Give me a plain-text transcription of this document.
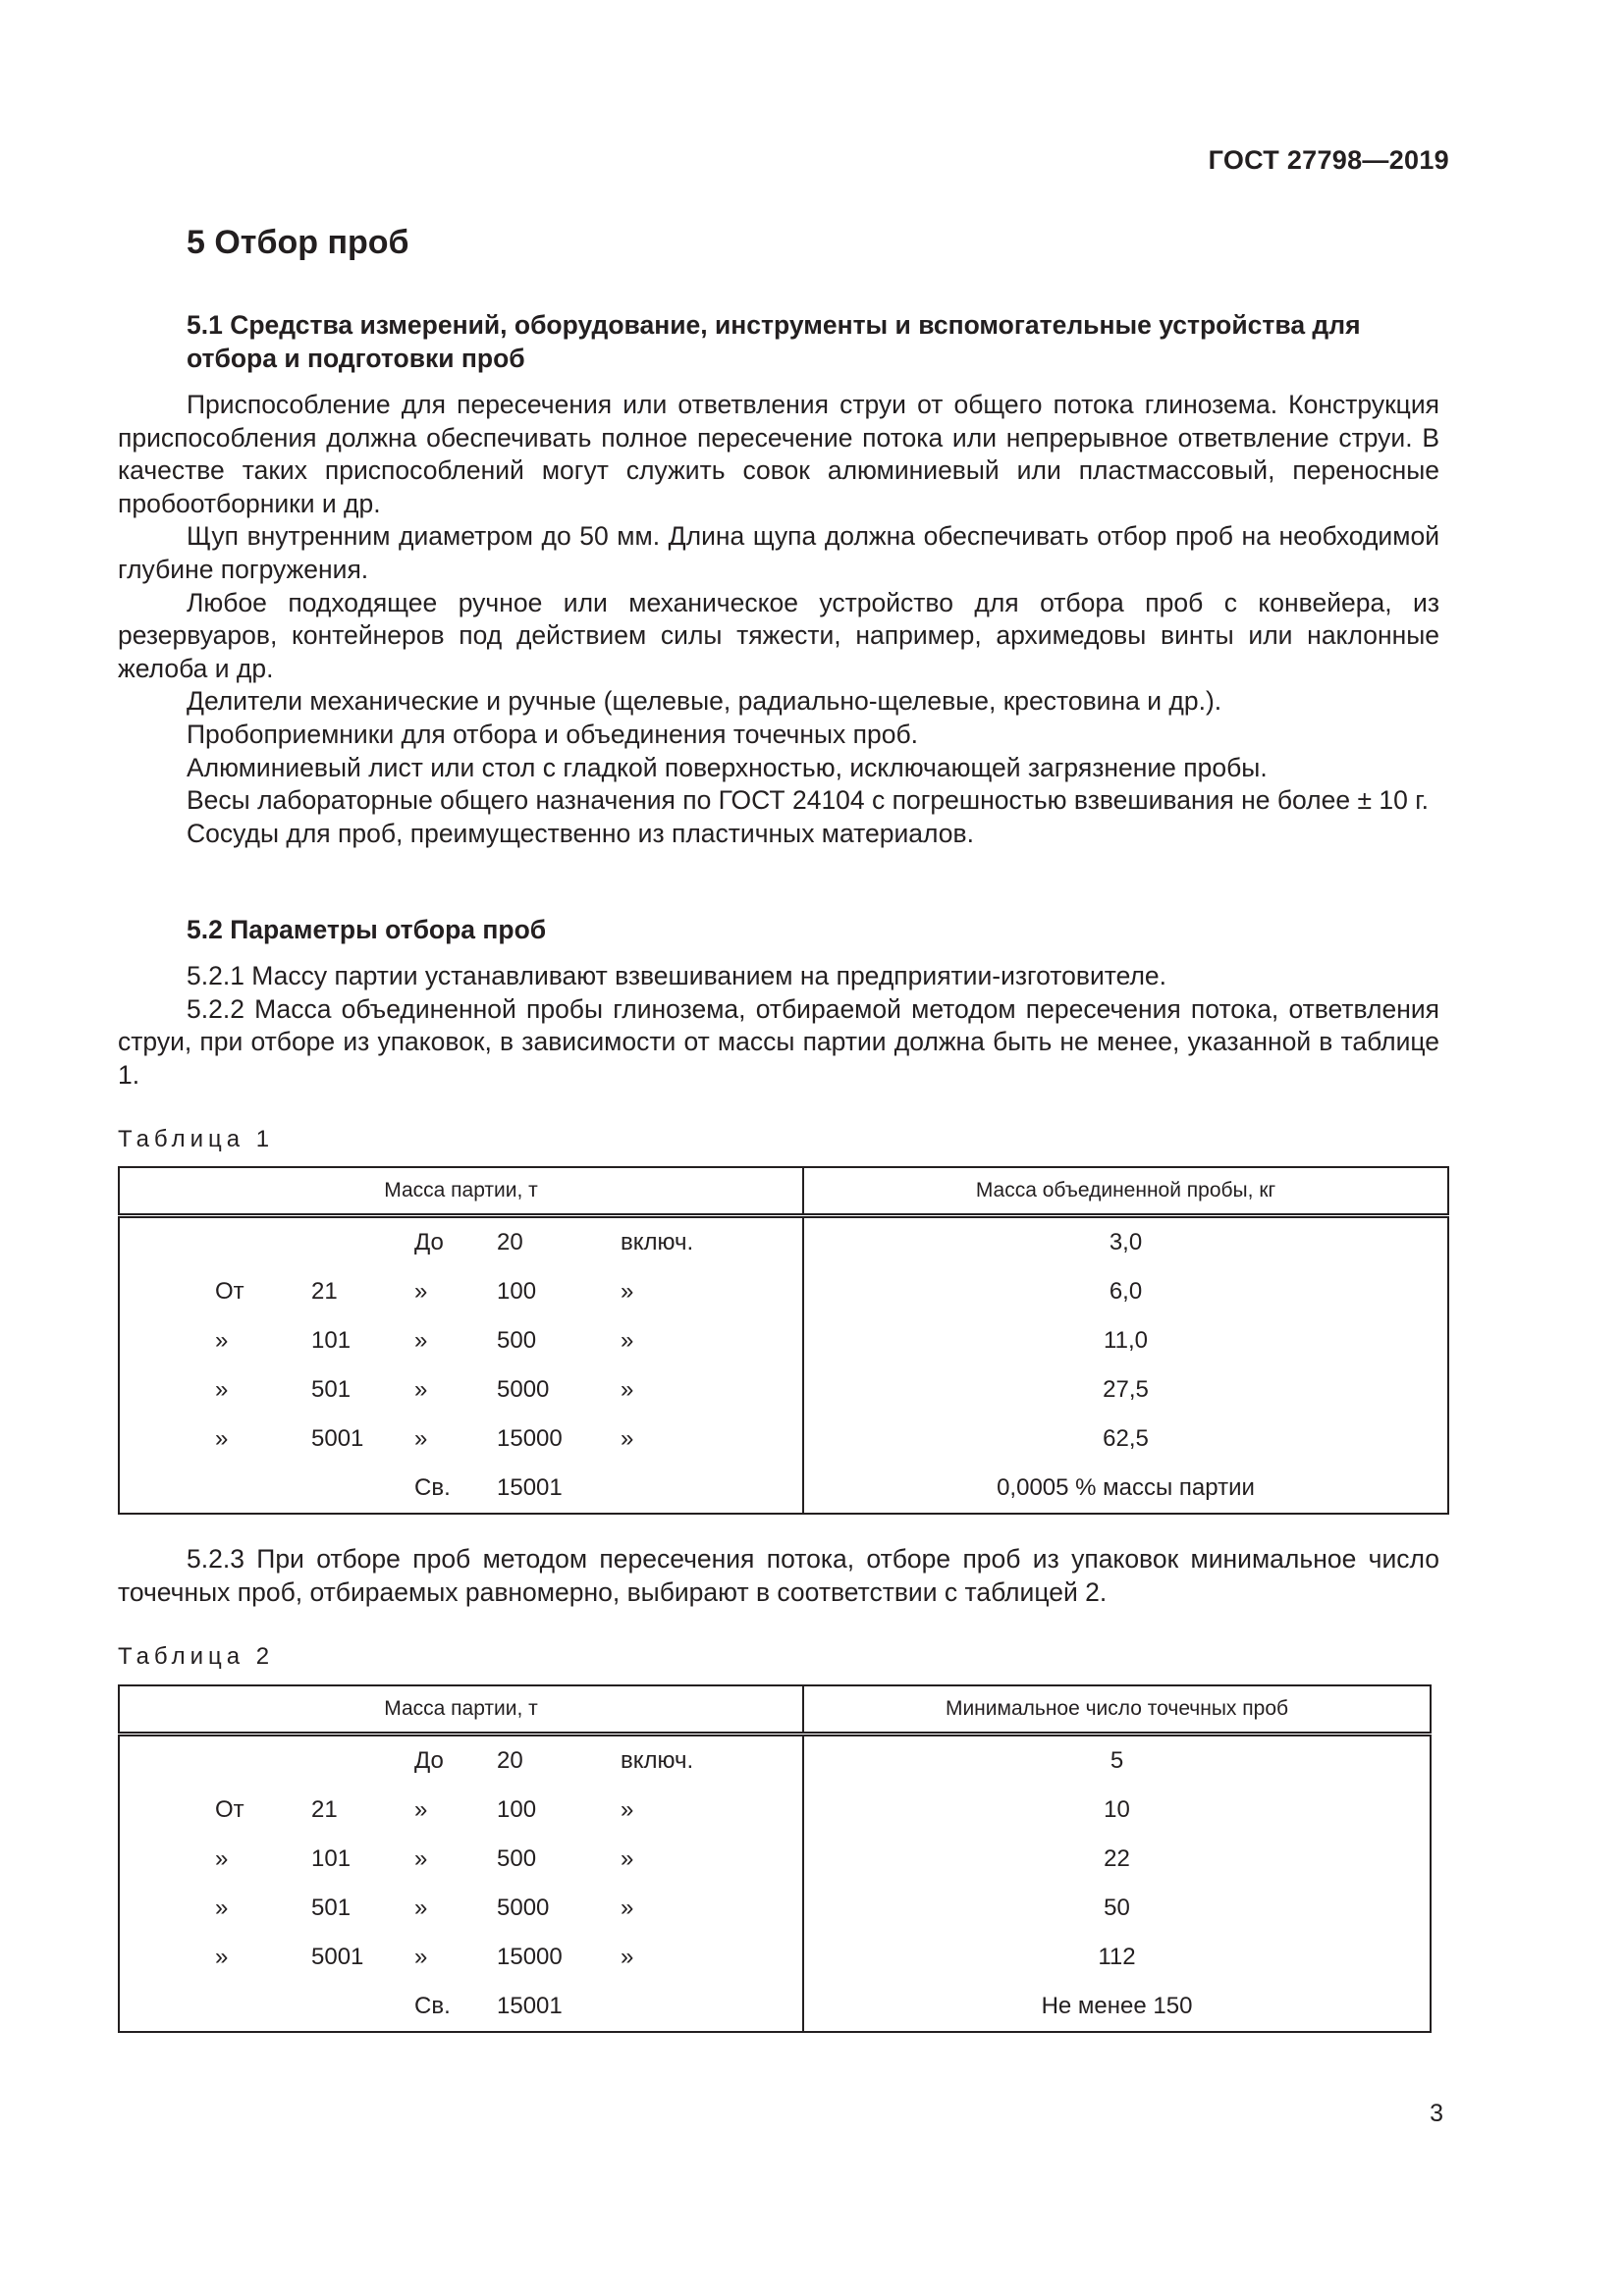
ГОСТ 27798—2019
5 Отбор проб
5.1 Средства измерений, оборудование, инструменты и вспомогательные устройства для отбора и подготовки проб

Приспособление для пересечения или ответвления струи от общего потока глинозема. Конструкция приспособления должна обеспечивать полное пересечение потока или непрерывное ответвление струи. В качестве таких приспособлений могут служить совок алюминиевый или пластмассовый, переносные пробоотборники и др.

Щуп внутренним диаметром до 50 мм. Длина щупа должна обеспечивать отбор проб на необходимой глубине погружения.

Любое подходящее ручное или механическое устройство для отбора проб с конвейера, из резервуаров, контейнеров под действием силы тяжести, например, архимедовы винты или наклонные желоба и др.

Делители механические и ручные (щелевые, радиально-щелевые, крестовина и др.).

Пробоприемники для отбора и объединения точечных проб.

Алюминиевый лист или стол с гладкой поверхностью, исключающей загрязнение пробы.

Весы лабораторные общего назначения по ГОСТ 24104 с погрешностью взвешивания не более ± 10 г.

Сосуды для проб, преимущественно из пластичных материалов.

5.2 Параметры отбора проб

5.2.1 Массу партии устанавливают взвешиванием на предприятии-изготовителе.

5.2.2 Масса объединенной пробы глинозема, отбираемой методом пересечения потока, ответвления струи, при отборе из упаковок, в зависимости от массы партии должна быть не менее, указанной в таблице 1.

Таблица 1
Масса партии, т	Масса объединенной пробы, кг

До 20 включ.	3,0

От 21 » 100 »	6,0

» 101 » 500 »	11,0

» 501 » 5000 »	27,5

» 5001 » 15000 »	62,5

Св. 15001	0,0005 % массы партии

5.2.3 При отборе проб методом пересечения потока, отборе проб из упаковок минимальное число точечных проб, отбираемых равномерно, выбирают в соответствии с таблицей 2.

Таблица 2
Масса партии, т	Минимальное число точечных проб

До 20 включ.	5

От 21 » 100 »	10

» 101 » 500 »	22

» 501 » 5000 »	50

» 5001 » 15000 »	112

Св. 15001	Не менее 150
3
